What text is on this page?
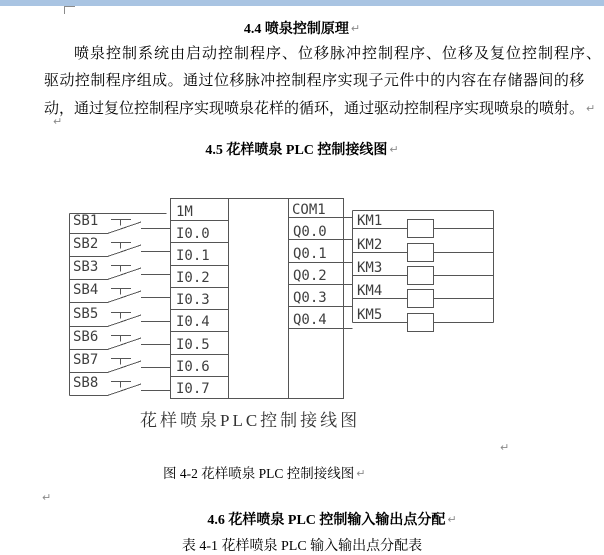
4.4 喷泉控制原理 ↵
喷泉控制系统由启动控制程序、位移脉冲控制程序、位移及复位控制程序、
驱动控制程序组成。通过位移脉冲控制程序实现子元件中的内容在存储器间的移
动，通过复位控制程序实现喷泉花样的循环，通过驱动控制程序实现喷泉的喷射。 ↵
↵
4.5 花样喷泉 PLC 控制接线图 ↵
1M
I0.0
I0.1
I0.2
I0.3
I0.4
I0.5
I0.6
I0.7
COM1
Q0.0
Q0.1
Q0.2
Q0.3
Q0.4
SB1
SB2
SB3
SB4
SB5
SB6
SB7
SB8
KM1
KM2
KM3
KM4
KM5
花样喷泉PLC控制接线图
↵
图 4-2 花样喷泉 PLC 控制接线图 ↵
↵
4.6 花样喷泉 PLC 控制输入输出点分配 ↵
表 4-1 花样喷泉 PLC 输入输出点分配表
